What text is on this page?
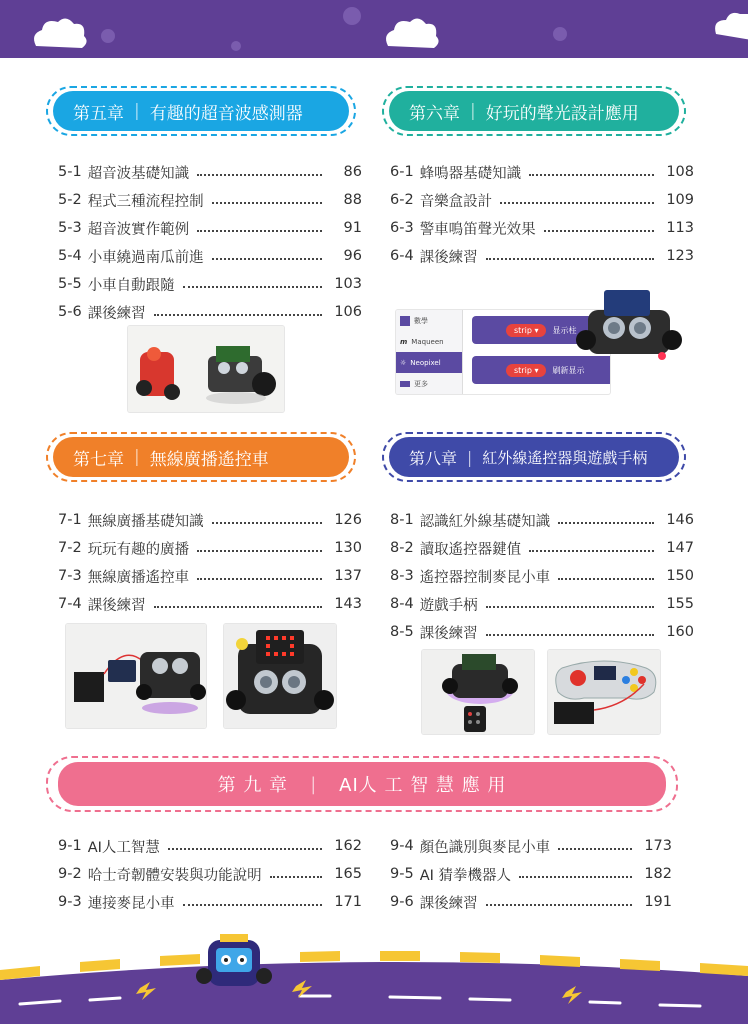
第五章 | 有趣的超音波感測器
5-1 超音波基礎知識	86
5-2 程式三種流程控制	88
5-3 超音波實作範例	91
5-4 小車繞過南瓜前進	96
5-5 小車自動跟隨	103
5-6 課後練習	106
第六章 | 好玩的聲光設計應用
6-1 蜂鳴器基礎知識	108
6-2 音樂盒設計	109
6-3 警車鳴笛聲光效果	113
6-4 課後練習	123
數學
m Maqueen
☼ Neopixel
更多
strip ▾	显示柱
strip ▾	刷新显示
第七章 | 無線廣播遙控車
7-1 無線廣播基礎知識	126
7-2 玩玩有趣的廣播	130
7-3 無線廣播遙控車	137
7-4 課後練習	143
第八章 | 紅外線遙控器與遊戲手柄
8-1 認識紅外線基礎知識	146
8-2 讀取遙控器鍵值	147
8-3 遙控器控制麥昆小車	150
8-4 遊戲手柄	155
8-5 課後練習	160
第 九 章 | AI人 工 智 慧 應 用
9-1 AI人工智慧	162
9-2 哈士奇韌體安裝與功能說明	165
9-3 連接麥昆小車	171
9-4 顏色識別與麥昆小車	173
9-5 AI 猜拳機器人	182
9-6 課後練習	191
